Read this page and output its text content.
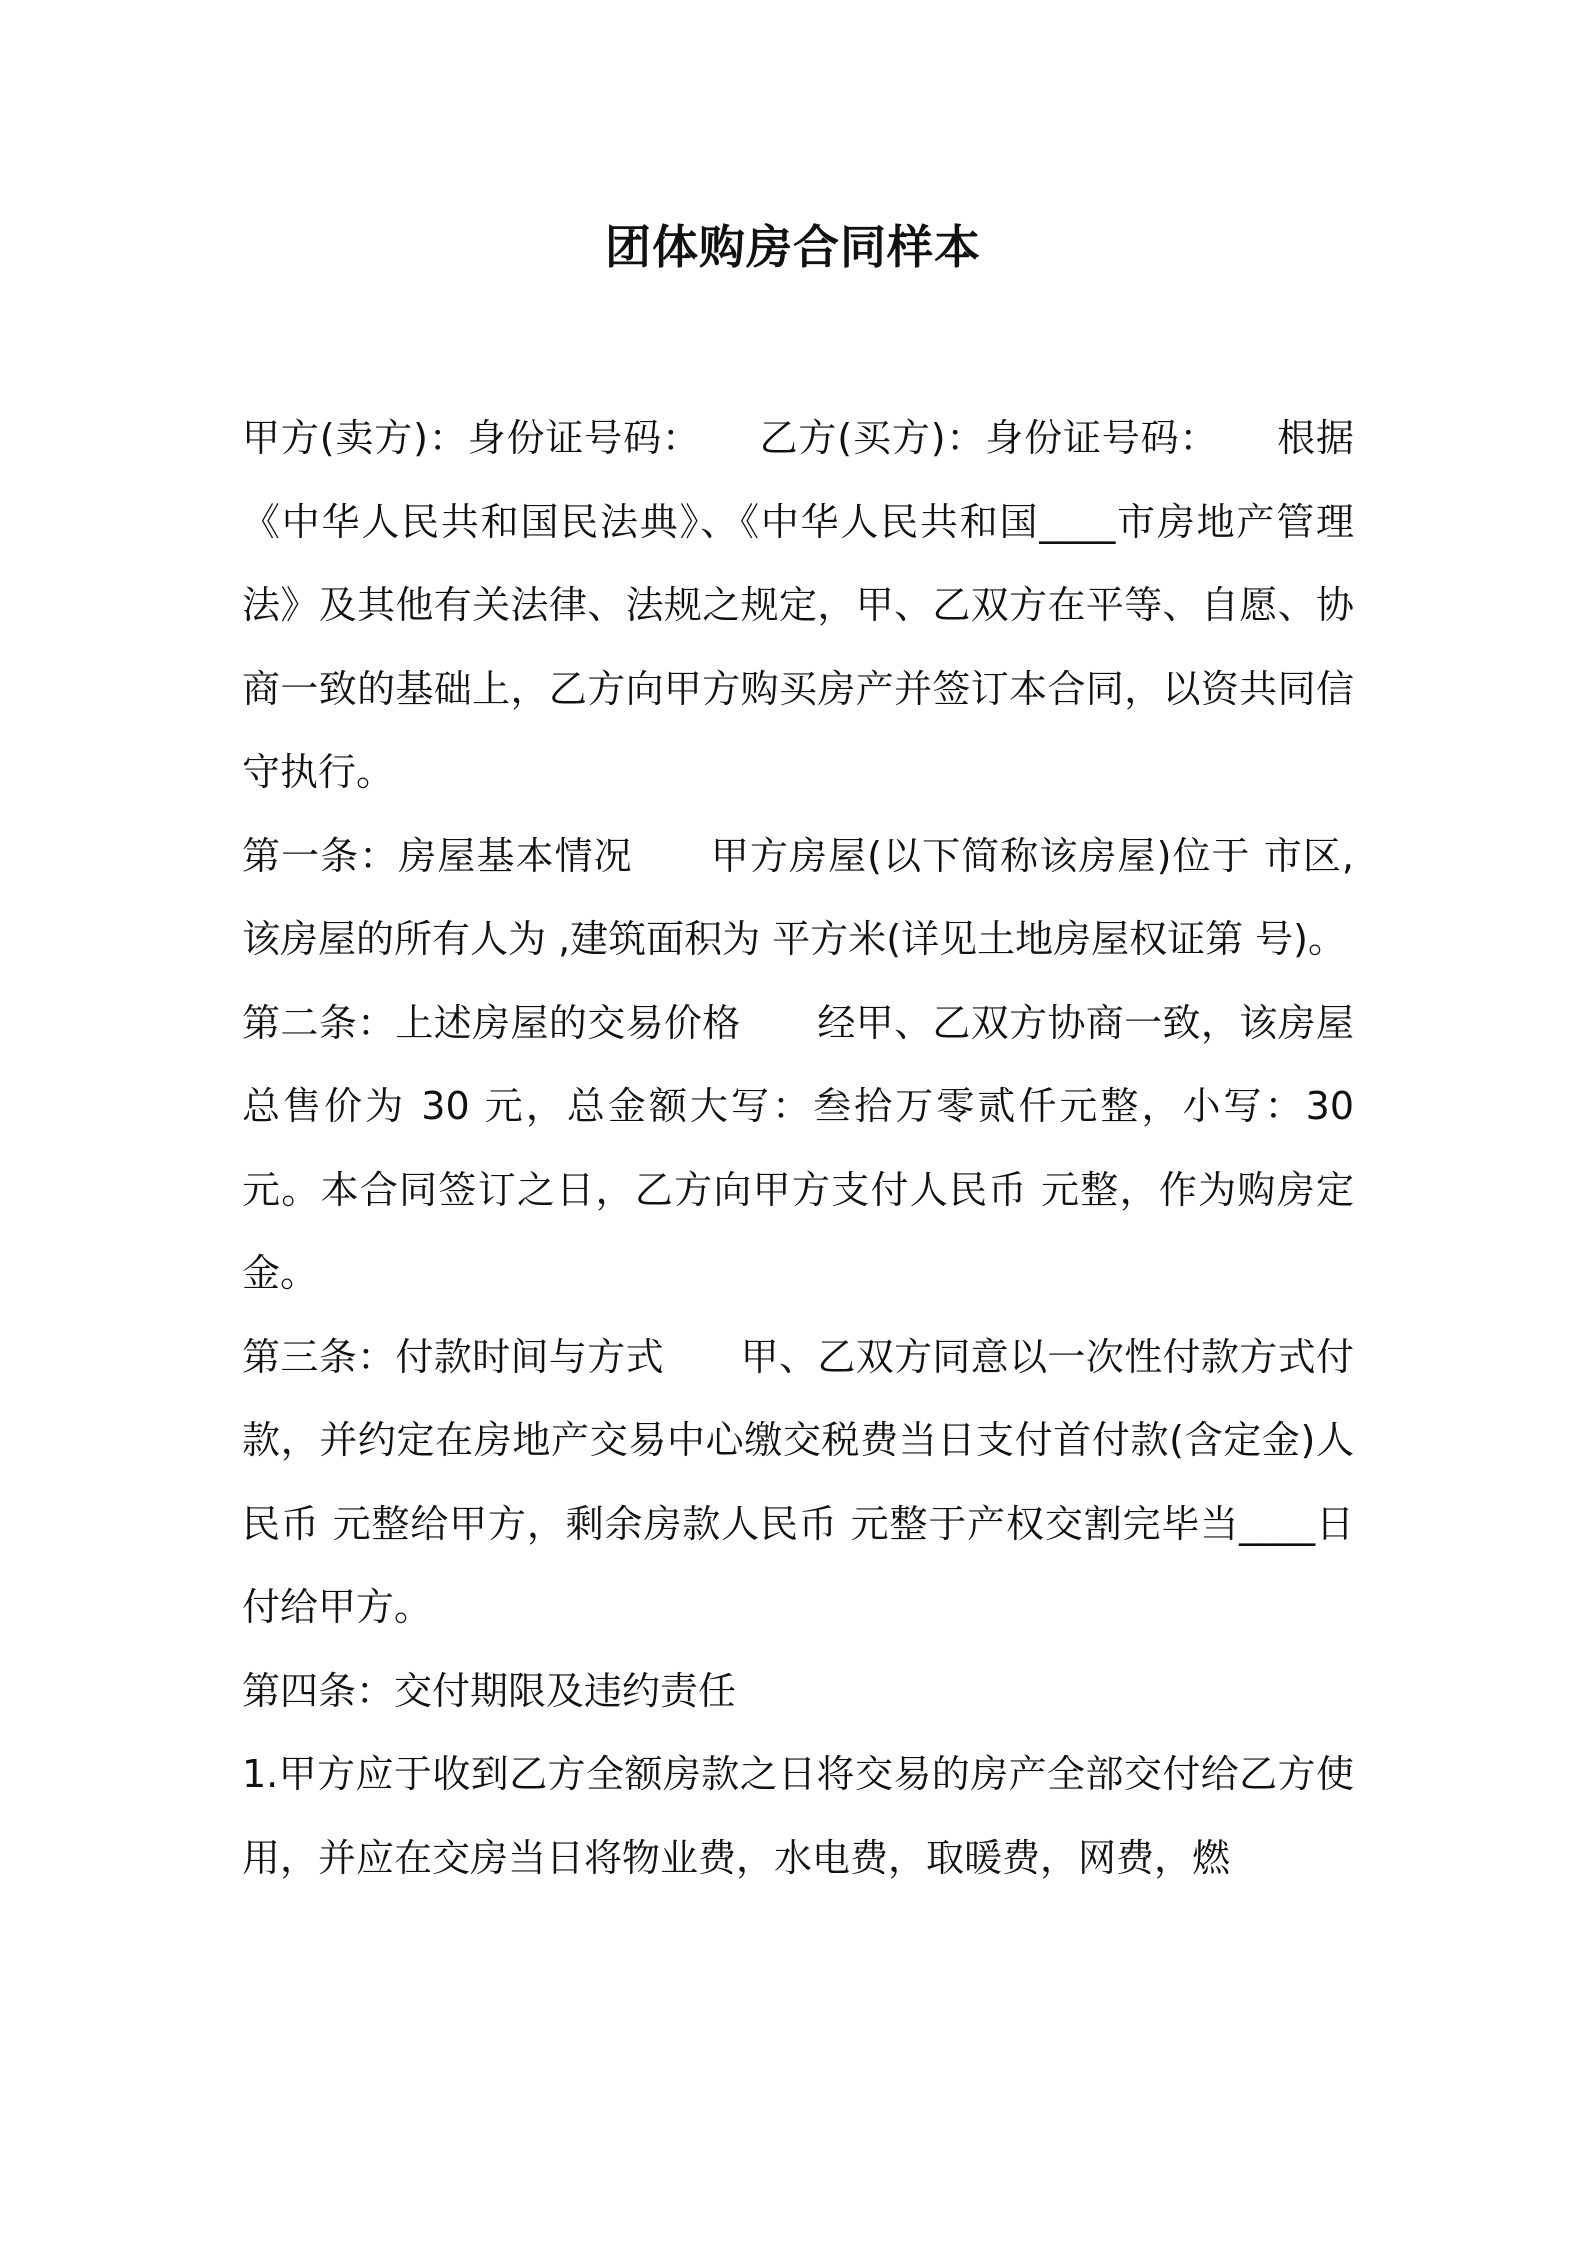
团体购房合同样本

甲方(卖方)：身份证号码：　　乙方(买方)：身份证号码：　　根据《中华人民共和国民法典》、《中华人民共和国____市房地产管理法》及其他有关法律、法规之规定，甲、乙双方在平等、自愿、协商一致的基础上，乙方向甲方购买房产并签订本合同，以资共同信守执行。

第一条：房屋基本情况　　甲方房屋(以下简称该房屋)位于 市区,该房屋的所有人为 ,建筑面积为 平方米(详见土地房屋权证第 号)。

第二条：上述房屋的交易价格　　经甲、乙双方协商一致，该房屋总售价为 30 元，总金额大写：叁拾万零贰仟元整，小写：30 元。本合同签订之日，乙方向甲方支付人民币 元整，作为购房定金。

第三条：付款时间与方式　　甲、乙双方同意以一次性付款方式付款，并约定在房地产交易中心缴交税费当日支付首付款(含定金)人民币 元整给甲方，剩余房款人民币 元整于产权交割完毕当____日付给甲方。

第四条：交付期限及违约责任

1.甲方应于收到乙方全额房款之日将交易的房产全部交付给乙方使用，并应在交房当日将物业费，水电费，取暖费，网费，燃
